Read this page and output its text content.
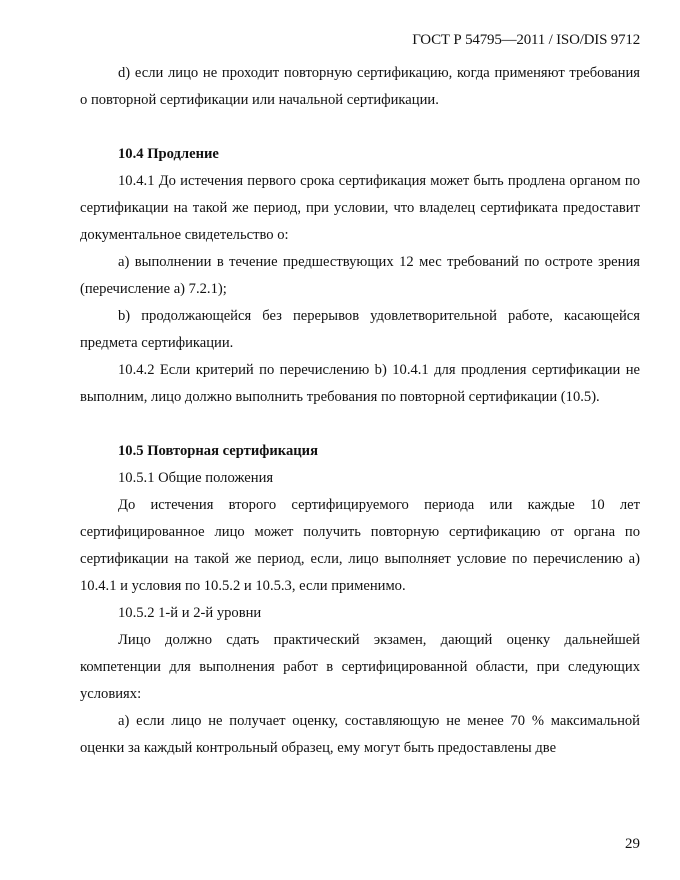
ГОСТ Р 54795—2011 / ISO/DIS 9712

d) если лицо не проходит повторную сертификацию, когда применяют требования о повторной сертификации или начальной сертификации.

10.4 Продление

10.4.1 До истечения первого срока сертификация может быть продлена органом по сертификации на такой же период, при условии, что владелец сертификата предоставит документальное свидетельство о:

а) выполнении в течение предшествующих 12 мес требований по остроте зрения (перечисление а) 7.2.1);

b) продолжающейся без перерывов удовлетворительной работе, касающейся предмета сертификации.

10.4.2 Если критерий по перечислению b) 10.4.1 для продления сертификации не выполним, лицо должно выполнить требования по повторной сертификации (10.5).

10.5 Повторная сертификация

10.5.1 Общие положения

До истечения второго сертифицируемого периода или каждые 10 лет сертифицированное лицо может получить повторную сертификацию от органа по сертификации на такой же период, если, лицо выполняет условие по перечислению а) 10.4.1 и условия по 10.5.2 и 10.5.3, если применимо.

10.5.2 1-й и 2-й уровни

Лицо должно сдать практический экзамен, дающий оценку дальнейшей компетенции для выполнения работ в сертифицированной области, при следующих условиях:

а) если лицо не получает оценку, составляющую не менее 70 % максимальной оценки за каждый контрольный образец, ему могут быть предоставлены две

29
